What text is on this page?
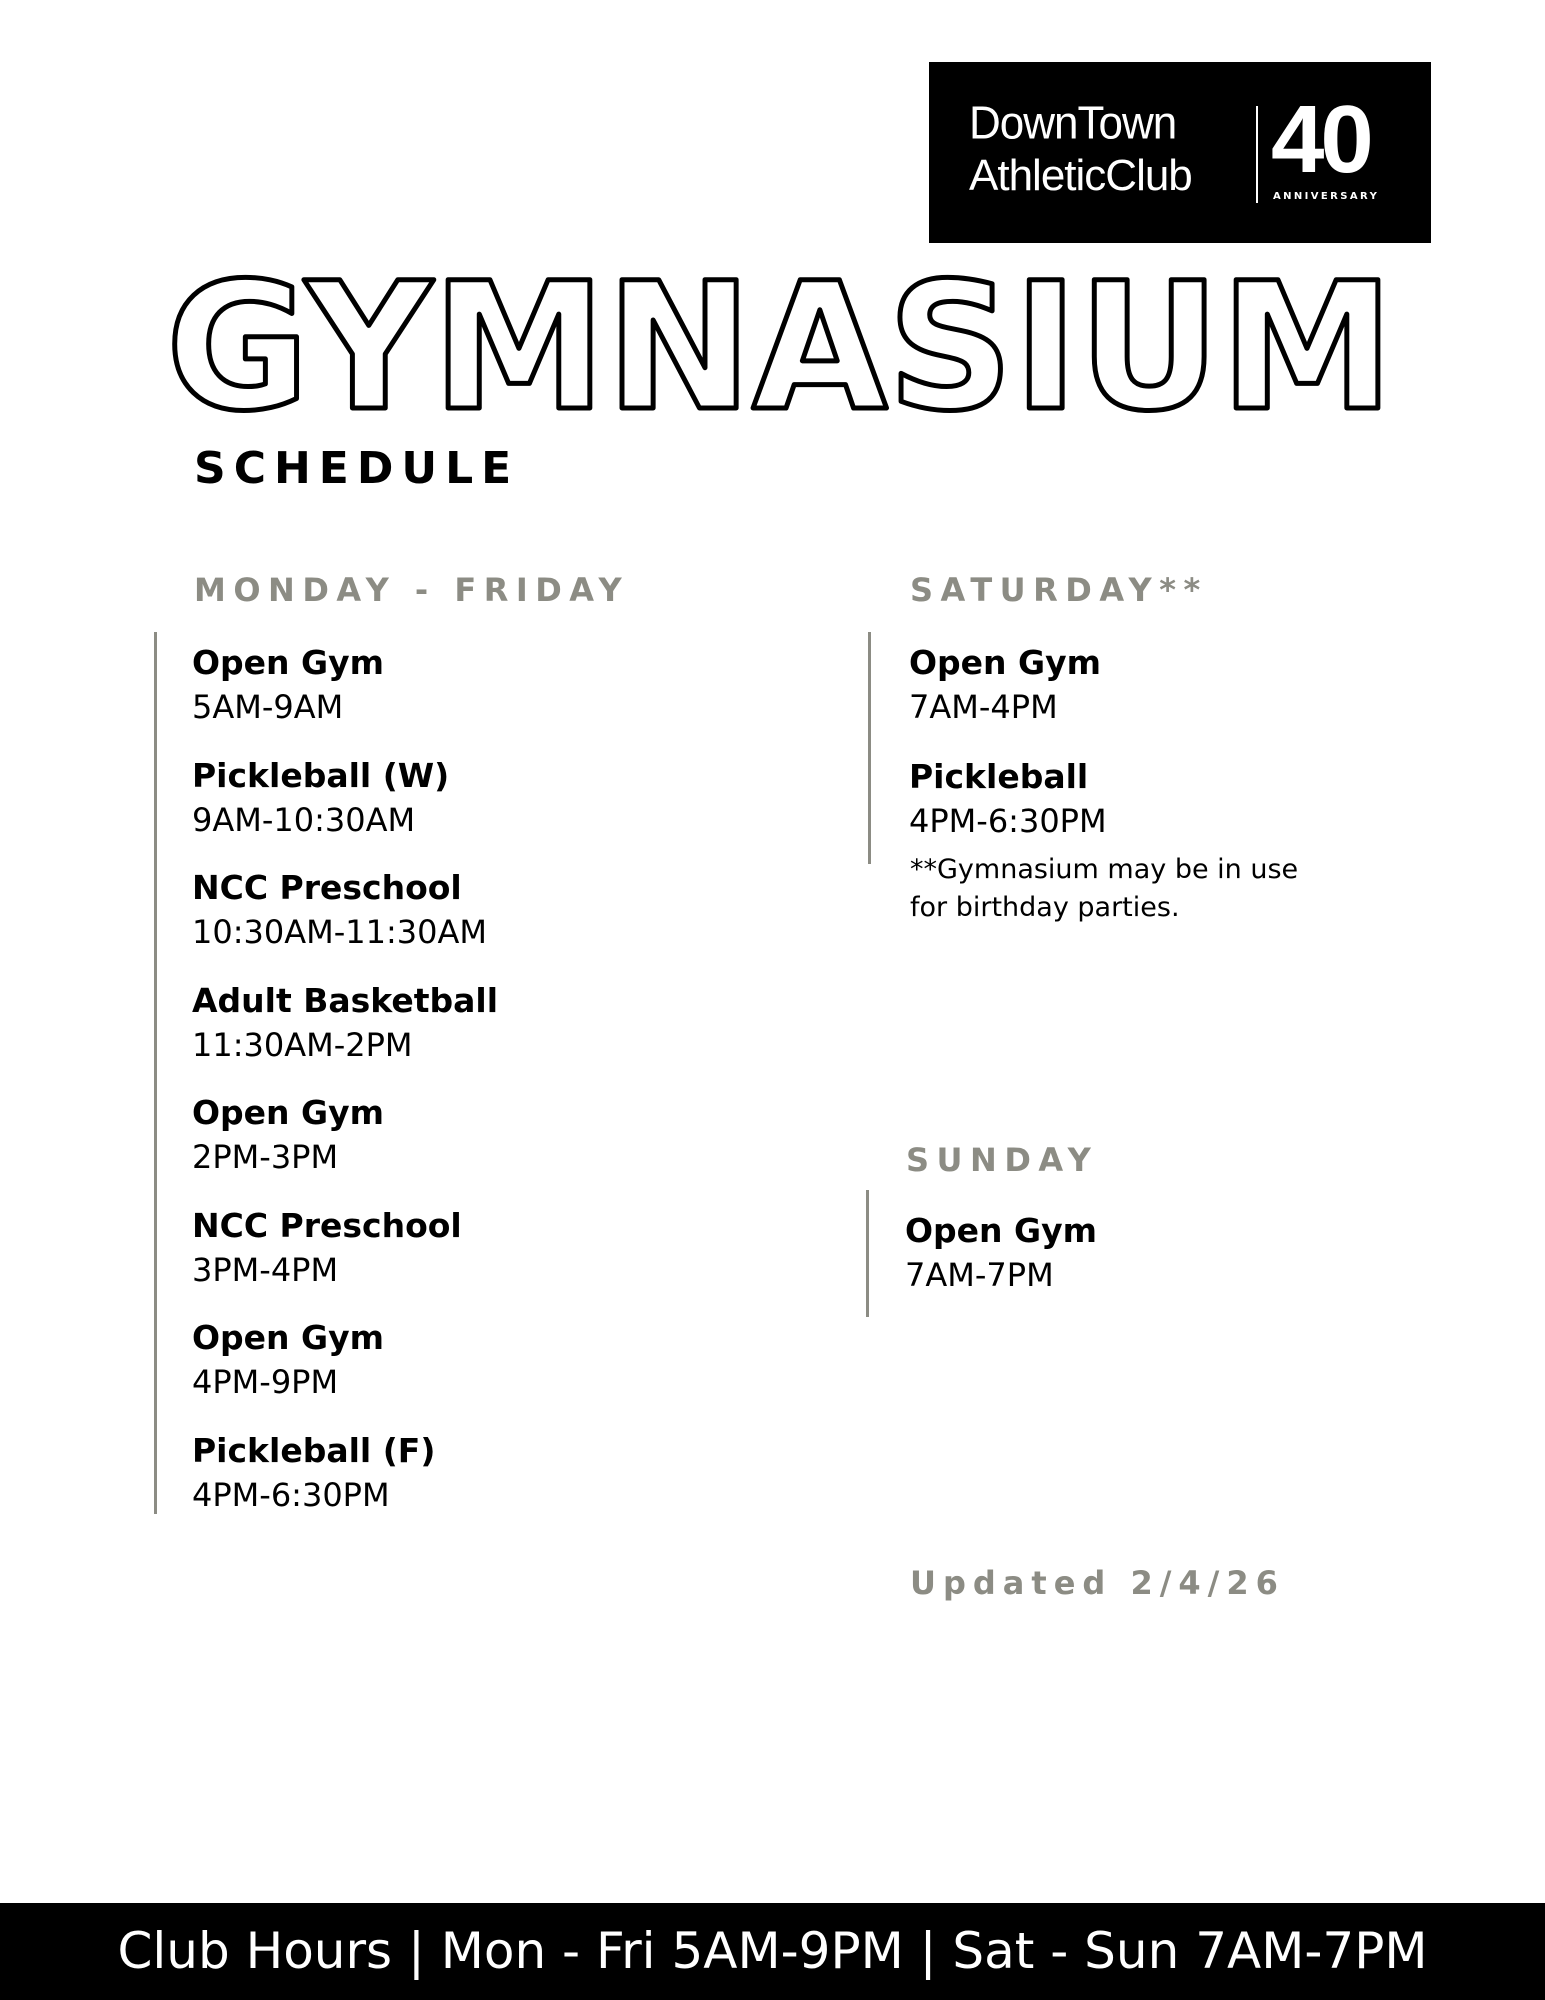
DownTown
AthleticClub 40
ANNIVERSARY
GYMNASIUM
SCHEDULE
MONDAY - FRIDAY
Open Gym
5AM-9AM
Pickleball (W)
9AM-10:30AM
NCC Preschool
10:30AM-11:30AM
Adult Basketball
11:30AM-2PM
Open Gym
2PM-3PM
NCC Preschool
3PM-4PM
Open Gym
4PM-9PM
Pickleball (F)
4PM-6:30PM
SATURDAY**
Open Gym
7AM-4PM
Pickleball
4PM-6:30PM

**Gymnasium may be in use for birthday parties.

SUNDAY
Open Gym
7AM-7PM
Updated 2/4/26
Club Hours | Mon - Fri 5AM-9PM | Sat - Sun 7AM-7PM
